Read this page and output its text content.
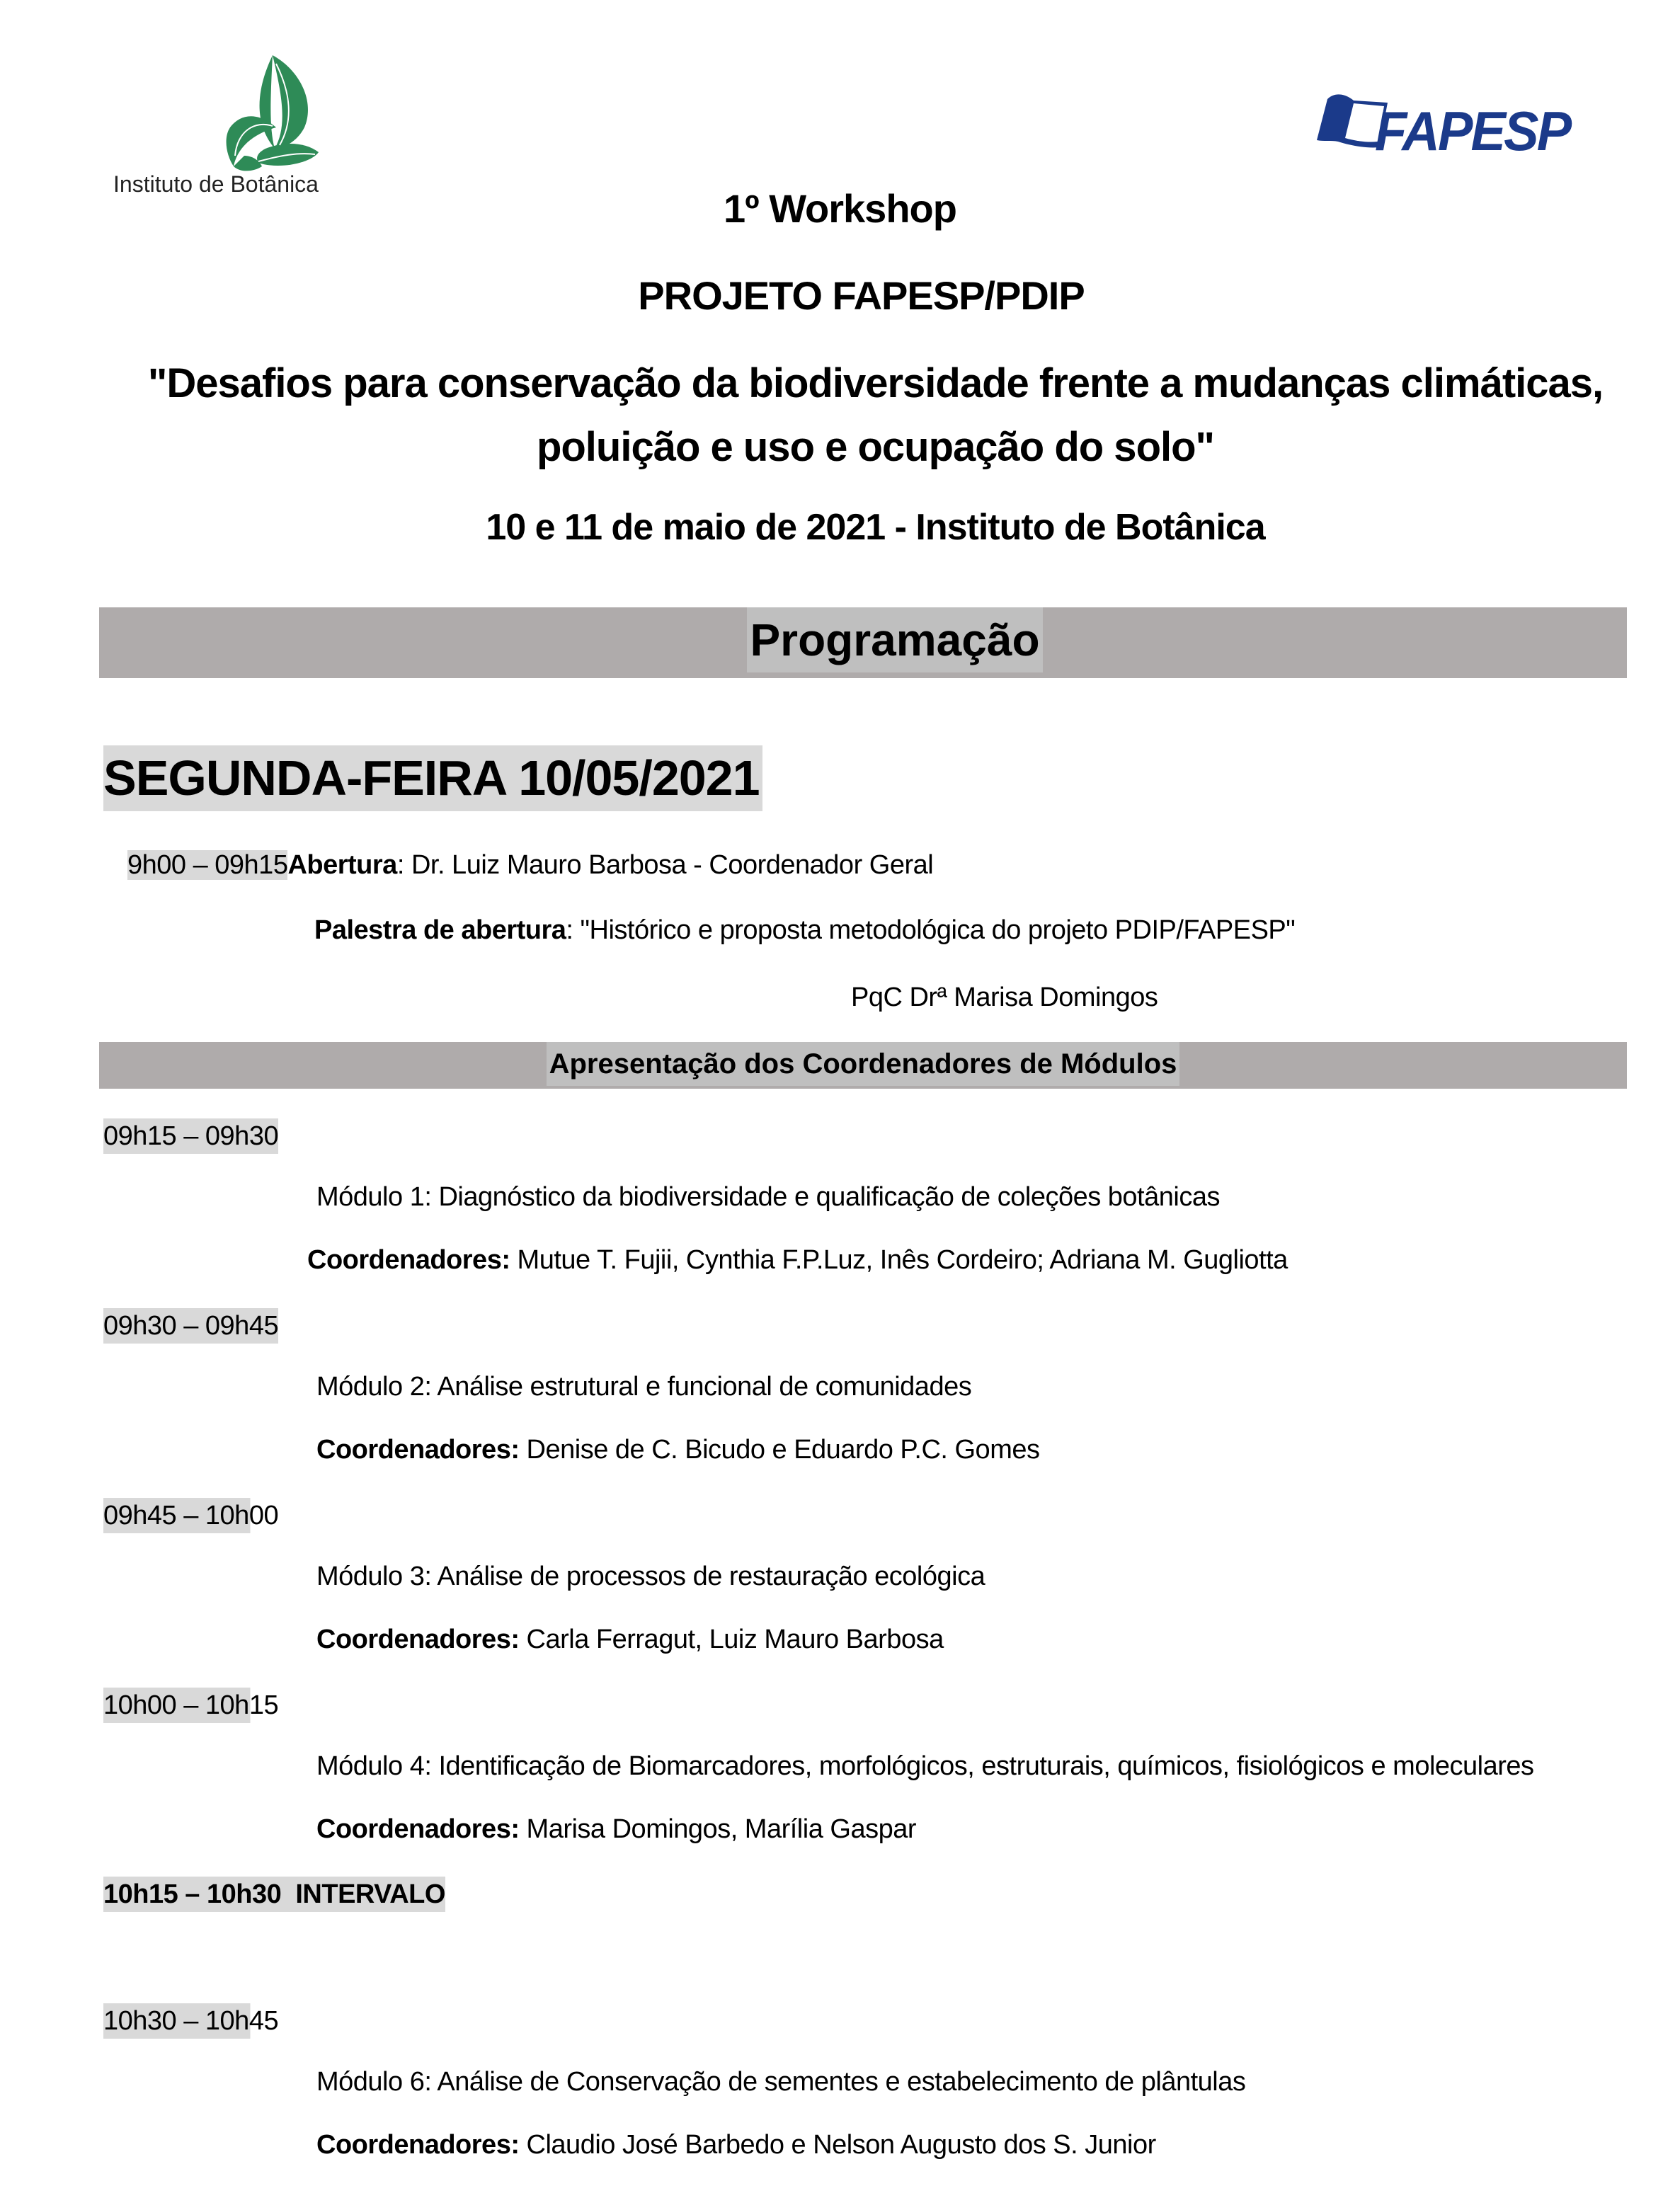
Instituto de Botânica
FAPESP
1º Workshop
PROJETO FAPESP/PDIP
"Desafios para conservação da biodiversidade frente a mudanças climáticas,
poluição e uso e ocupação do solo"
10 e 11 de maio de 2021 - Instituto de Botânica
Programação
SEGUNDA-FEIRA 10/05/2021
9h00 – 09h15Abertura: Dr. Luiz Mauro Barbosa - Coordenador Geral
Palestra de abertura: "Histórico e proposta metodológica do projeto PDIP/FAPESP"
PqC Drª Marisa Domingos
Apresentação dos Coordenadores de Módulos
09h15 – 09h30
Módulo 1: Diagnóstico da biodiversidade e qualificação de coleções botânicas
Coordenadores: Mutue T. Fujii, Cynthia F.P.Luz, Inês Cordeiro; Adriana M. Gugliotta
09h30 – 09h45
Módulo 2: Análise estrutural e funcional de comunidades
Coordenadores: Denise de C. Bicudo e Eduardo P.C. Gomes
09h45 – 10h00
Módulo 3: Análise de processos de restauração ecológica
Coordenadores: Carla Ferragut, Luiz Mauro Barbosa
10h00 – 10h15
Módulo 4: Identificação de Biomarcadores, morfológicos, estruturais, químicos, fisiológicos e moleculares
Coordenadores: Marisa Domingos, Marília Gaspar
10h30 – 10h45
Módulo 6: Análise de Conservação de sementes e estabelecimento de plântulas
Coordenadores: Claudio José Barbedo e Nelson Augusto dos S. Junior
10h15 – 10h30  INTERVALO
